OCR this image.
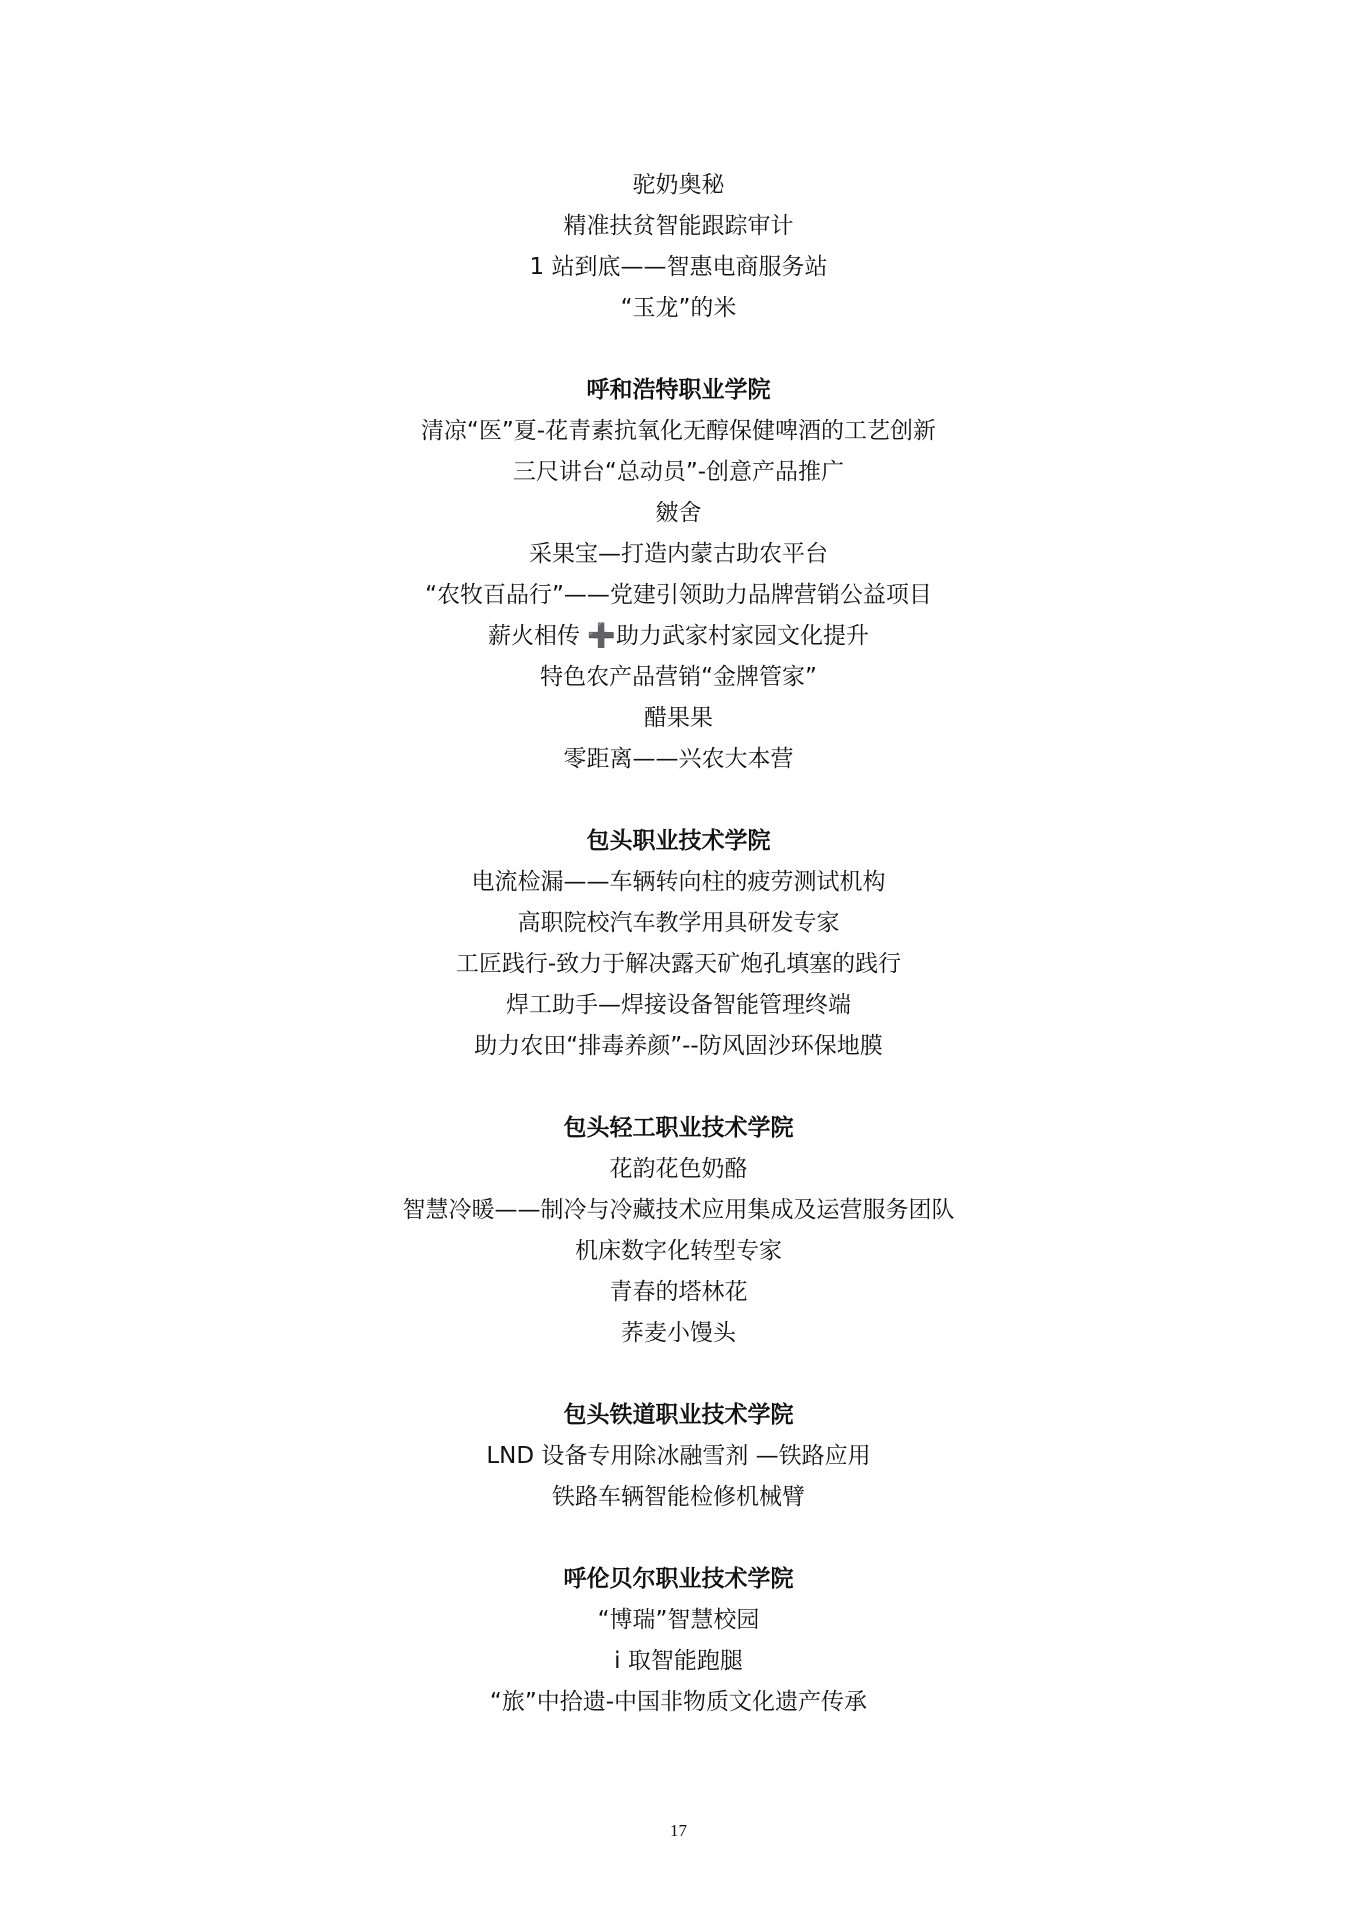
驼奶奥秘
精准扶贫智能跟踪审计
1 站到底——智惠电商服务站
“玉龙”的米
呼和浩特职业学院
清凉“医”夏-花青素抗氧化无醇保健啤酒的工艺创新
三尺讲台“总动员”-创意产品推广
皴舍
采果宝—打造内蒙古助农平台
“农牧百品行”——党建引领助力品牌营销公益项目
薪火相传 ➕助力武家村家园文化提升
特色农产品营销“金牌管家”
醋果果
零距离——兴农大本营
包头职业技术学院
电流检漏——车辆转向柱的疲劳测试机构
高职院校汽车教学用具研发专家
工匠践行-致力于解决露天矿炮孔填塞的践行
焊工助手—焊接设备智能管理终端
助力农田“排毒养颜”--防风固沙环保地膜
包头轻工职业技术学院
花韵花色奶酪
智慧冷暖——制冷与冷藏技术应用集成及运营服务团队
机床数字化转型专家
青春的塔林花
荞麦小馒头
包头铁道职业技术学院
LND 设备专用除冰融雪剂 —铁路应用
铁路车辆智能检修机械臂
呼伦贝尔职业技术学院
“博瑞”智慧校园
i 取智能跑腿
“旅”中拾遗-中国非物质文化遗产传承
17
